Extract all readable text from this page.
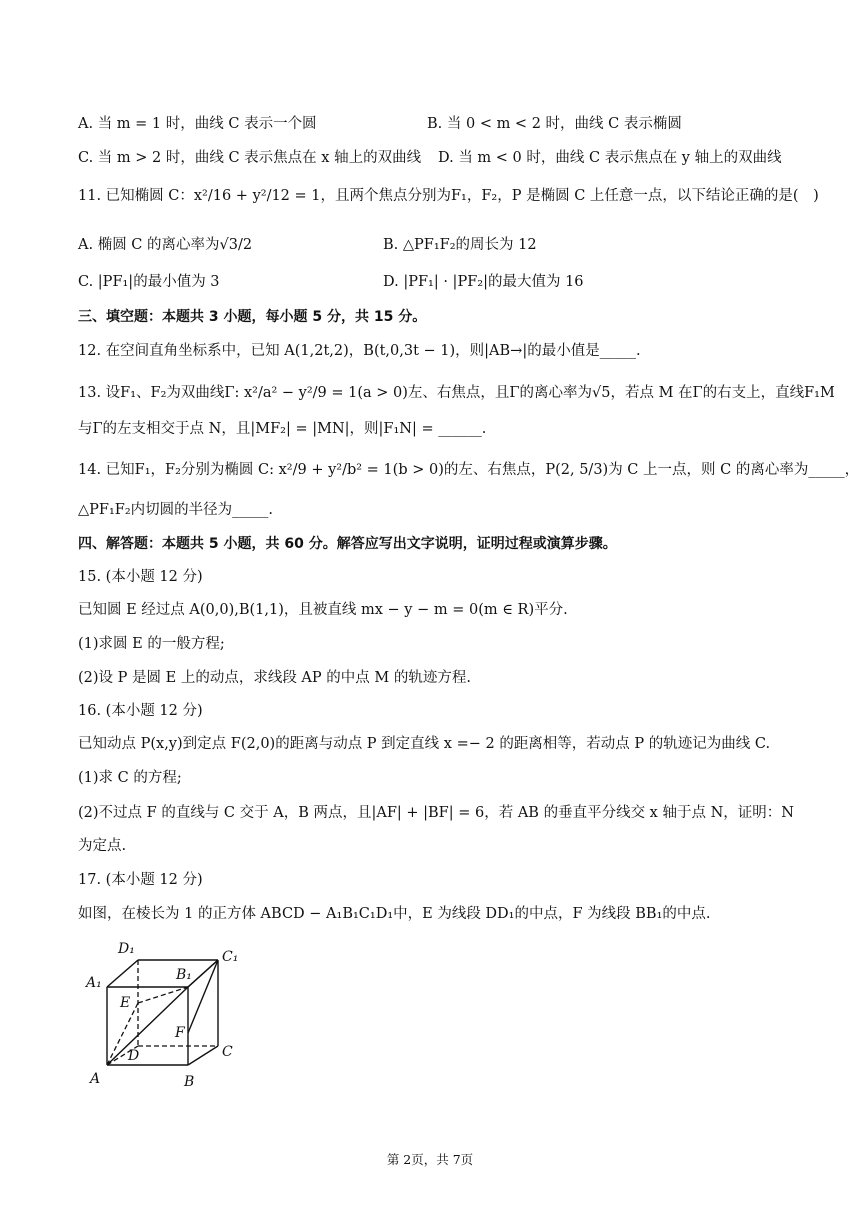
A. 当 m = 1 时，曲线 C 表示一个圆	B. 当 0 < m < 2 时，曲线 C 表示椭圆
C. 当 m > 2 时，曲线 C 表示焦点在 x 轴上的双曲线 D. 当 m < 0 时，曲线 C 表示焦点在 y 轴上的双曲线
11. 已知椭圆 C：x²/16 + y²/12 = 1，且两个焦点分别为F₁，F₂，P 是椭圆 C 上任意一点，以下结论正确的是(　)
A. 椭圆 C 的离心率为√3/2	B. △PF₁F₂的周长为 12
C. |PF₁|的最小值为 3	D. |PF₁| · |PF₂|的最大值为 16
三、填空题：本题共 3 小题，每小题 5 分，共 15 分。
12. 在空间直角坐标系中，已知 A(1,2t,2)，B(t,0,3t − 1)，则|AB→|的最小值是_____.
13. 设F₁、F₂为双曲线Γ: x²/a² − y²/9 = 1(a > 0)左、右焦点，且Γ的离心率为√5，若点 M 在Γ的右支上，直线F₁M
与Γ的左支相交于点 N，且|MF₂| = |MN|，则|F₁N| = ______.
14. 已知F₁，F₂分别为椭圆 C: x²/9 + y²/b² = 1(b > 0)的左、右焦点，P(2, 5/3)为 C 上一点，则 C 的离心率为_____，
△PF₁F₂内切圆的半径为_____.
四、解答题：本题共 5 小题，共 60 分。解答应写出文字说明，证明过程或演算步骤。
15. (本小题 12 分)
已知圆 E 经过点 A(0,0),B(1,1)，且被直线 mx − y − m = 0(m ∈ R)平分.
(1)求圆 E 的一般方程;
(2)设 P 是圆 E 上的动点，求线段 AP 的中点 M 的轨迹方程.
16. (本小题 12 分)
已知动点 P(x,y)到定点 F(2,0)的距离与动点 P 到定直线 x =− 2 的距离相等，若动点 P 的轨迹记为曲线 C.
(1)求 C 的方程;
(2)不过点 F 的直线与 C 交于 A，B 两点，且|AF| + |BF| = 6，若 AB 的垂直平分线交 x 轴于点 N，证明：N
为定点.
17. (本小题 12 分)
如图，在棱长为 1 的正方体 ABCD − A₁B₁C₁D₁中，E 为线段 DD₁的中点，F 为线段 BB₁的中点.
D₁	C₁
A₁	B₁
E
F
D	C
A	B
第 2页，共 7页
